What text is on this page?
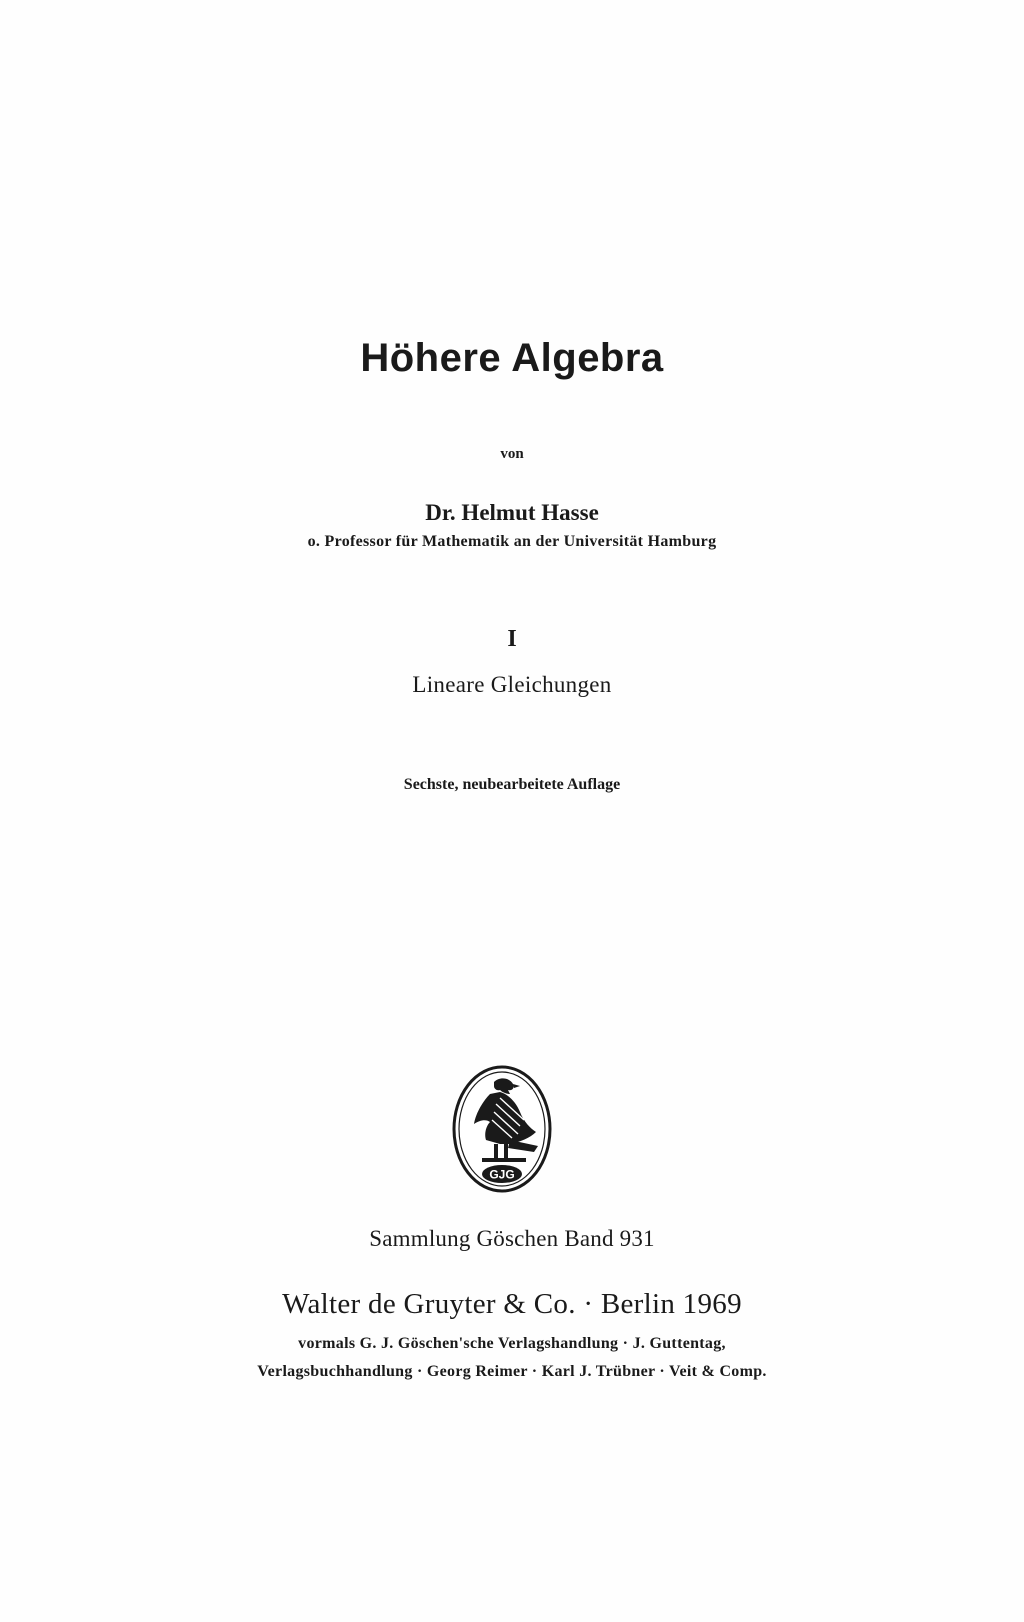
Höhere Algebra
von
Dr. Helmut Hasse
o. Professor für Mathematik an der Universität Hamburg
I
Lineare Gleichungen
Sechste, neubearbeitete Auflage
GJG
Sammlung Göschen Band 931
Walter de Gruyter & Co. · Berlin 1969
vormals G. J. Göschen'sche Verlagshandlung · J. Guttentag,
Verlagsbuchhandlung · Georg Reimer · Karl J. Trübner · Veit & Comp.
